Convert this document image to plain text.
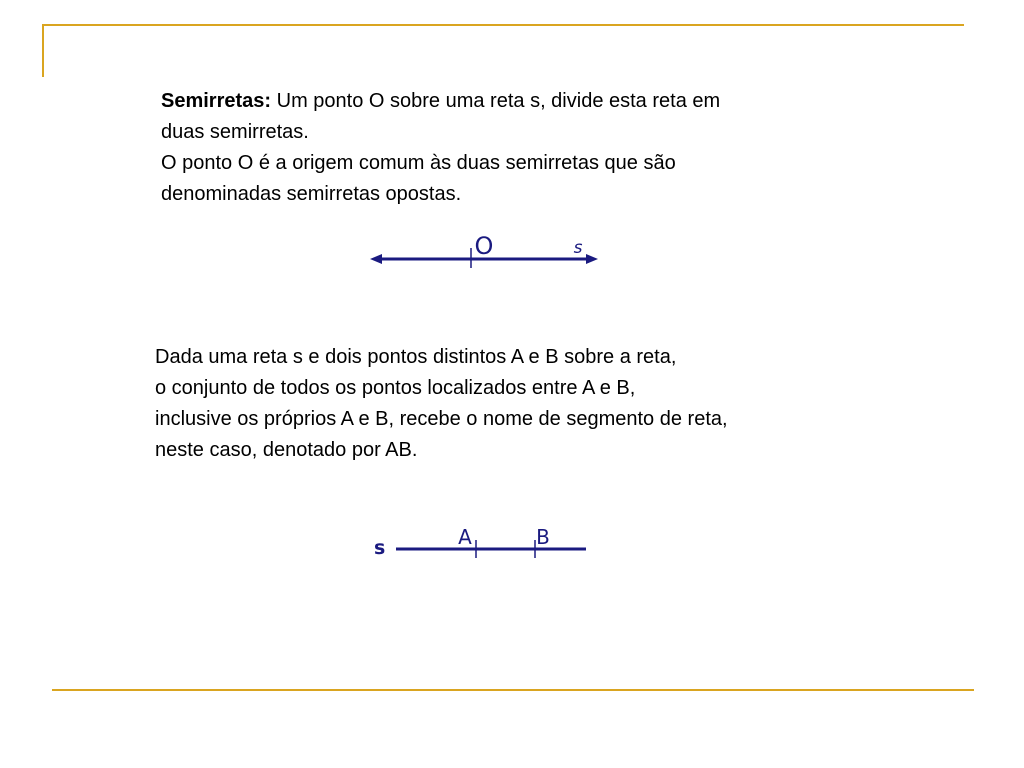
Semirretas: Um ponto O sobre uma reta s, divide esta reta em
duas semirretas.
O ponto O é a origem comum às duas semirretas que são
denominadas semirretas opostas.
O	s
Dada uma reta s e dois pontos distintos A e B sobre a reta,
o conjunto de todos os pontos localizados entre A e B,
inclusive os próprios A e B, recebe o nome de segmento de reta,
neste caso, denotado por AB.
s	A	B
